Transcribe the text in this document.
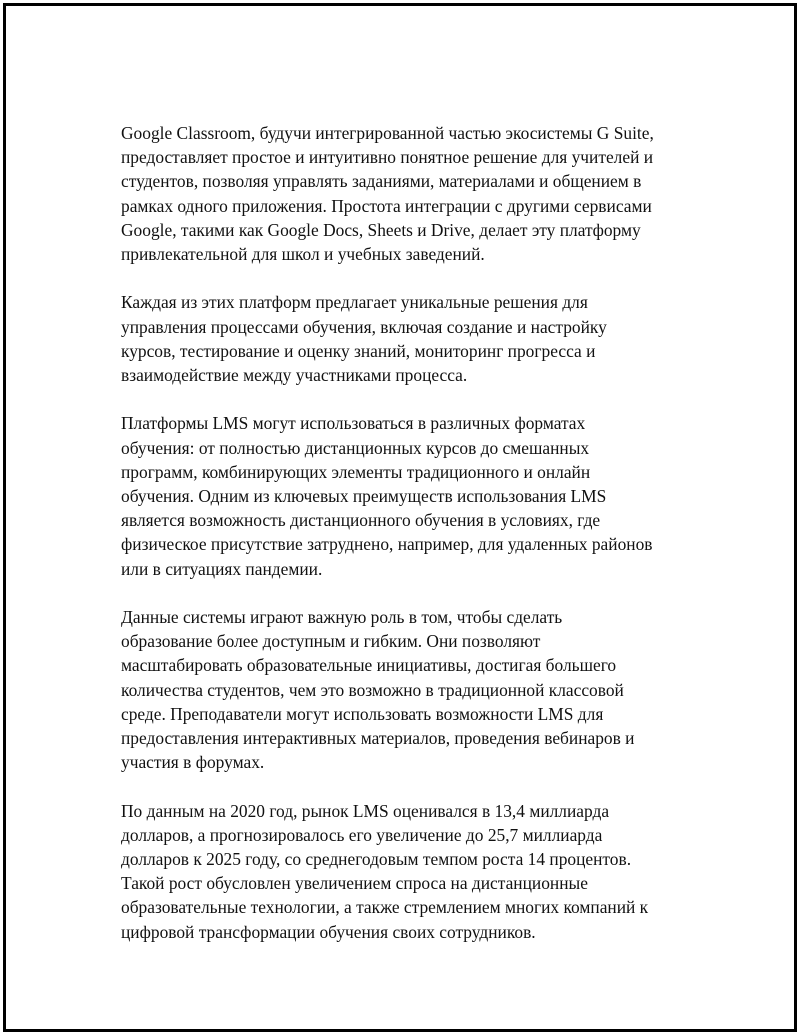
Google Classroom, будучи интегрированной частью экосистемы G Suite,
предоставляет простое и интуитивно понятное решение для учителей и
студентов, позволяя управлять заданиями, материалами и общением в
рамках одного приложения. Простота интеграции с другими сервисами
Google, такими как Google Docs, Sheets и Drive, делает эту платформу
привлекательной для школ и учебных заведений.

Каждая из этих платформ предлагает уникальные решения для
управления процессами обучения, включая создание и настройку
курсов, тестирование и оценку знаний, мониторинг прогресса и
взаимодействие между участниками процесса.

Платформы LMS могут использоваться в различных форматах
обучения: от полностью дистанционных курсов до смешанных
программ, комбинирующих элементы традиционного и онлайн
обучения. Одним из ключевых преимуществ использования LMS
является возможность дистанционного обучения в условиях, где
физическое присутствие затруднено, например, для удаленных районов
или в ситуациях пандемии.

Данные системы играют важную роль в том, чтобы сделать
образование более доступным и гибким. Они позволяют
масштабировать образовательные инициативы, достигая большего
количества студентов, чем это возможно в традиционной классовой
среде. Преподаватели могут использовать возможности LMS для
предоставления интерактивных материалов, проведения вебинаров и
участия в форумах.

По данным на 2020 год, рынок LMS оценивался в 13,4 миллиарда
долларов, а прогнозировалось его увеличение до 25,7 миллиарда
долларов к 2025 году, со среднегодовым темпом роста 14 процентов.
Такой рост обусловлен увеличением спроса на дистанционные
образовательные технологии, а также стремлением многих компаний к
цифровой трансформации обучения своих сотрудников.
